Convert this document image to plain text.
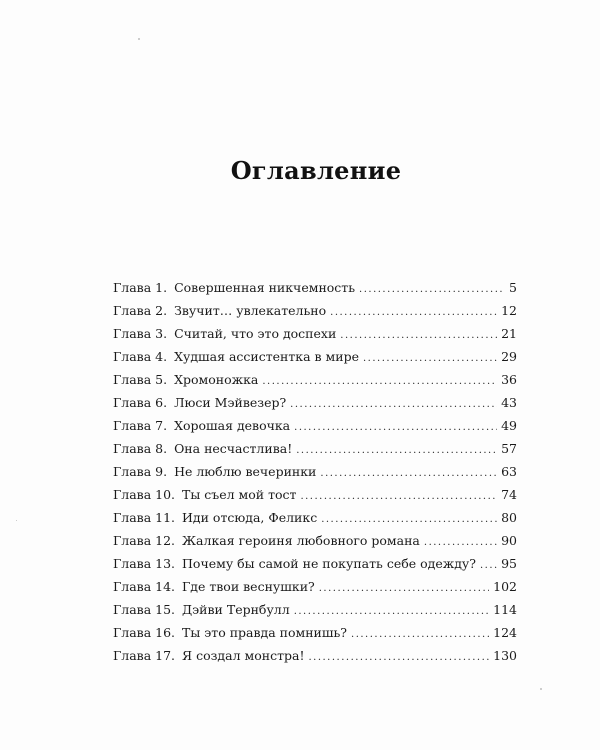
Оглавление
Глава 1. Совершенная никчемность .....	5
Глава 2. Звучит… увлекательно .....	12
Глава 3. Считай, что это доспехи .....	21
Глава 4. Худшая ассистентка в мире .....	29
Глава 5. Хромоножка .....	36
Глава 6. Люси Мэйвезер? .....	43
Глава 7. Хорошая девочка .....	49
Глава 8. Она несчастлива! .....	57
Глава 9. Не люблю вечеринки .....	63
Глава 10. Ты съел мой тост .....	74
Глава 11. Иди отсюда, Феликс .....	80
Глава 12. Жалкая героиня любовного романа .....	90
Глава 13. Почему бы самой не покупать себе одежду? ..... 95
Глава 14. Где твои веснушки? .....	102
Глава 15. Дэйви Тернбулл .....	114
Глава 16. Ты это правда помнишь? .....	124
Глава 17. Я создал монстра! .....	130
